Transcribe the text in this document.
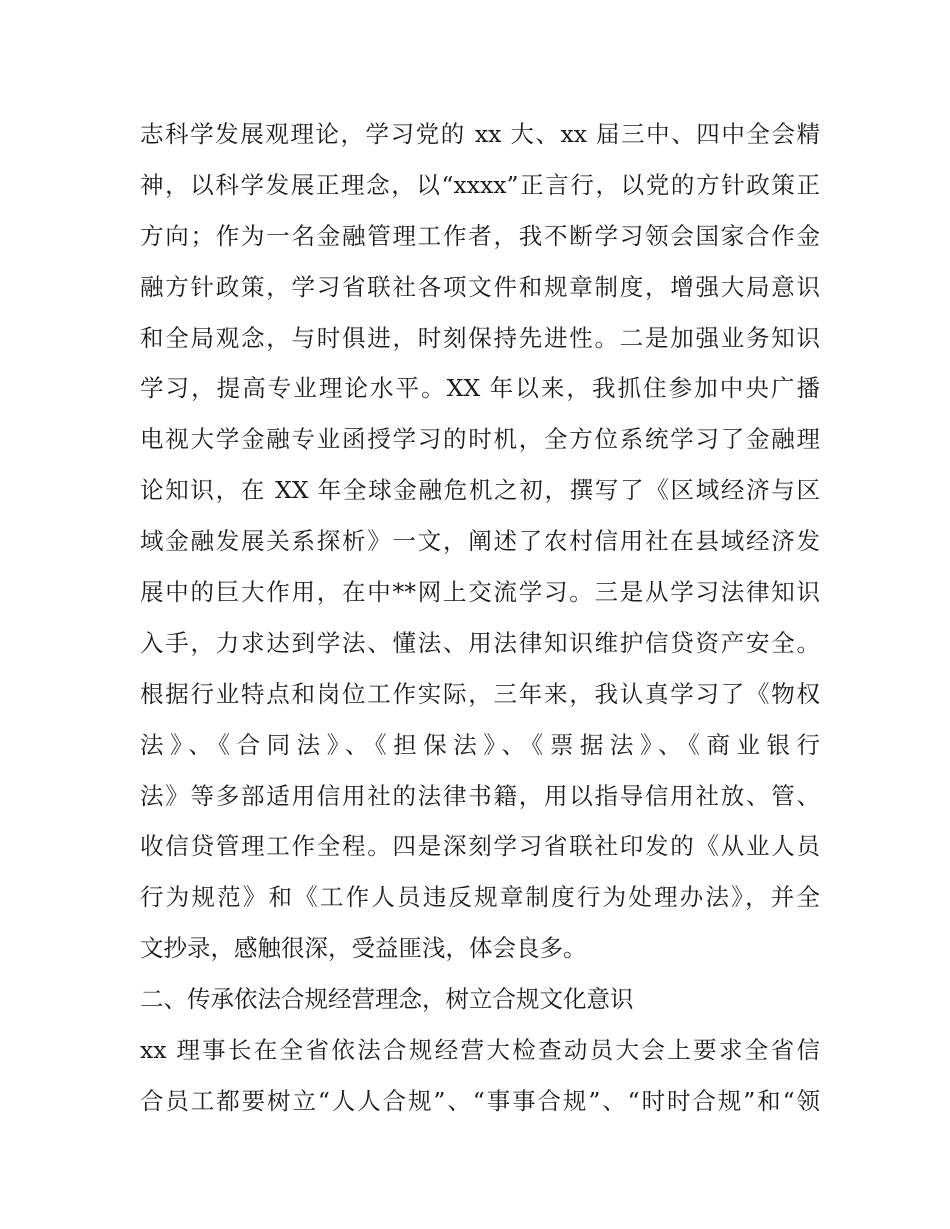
志科学发展观理论，学习党的 xx 大、xx 届三中、四中全会精
神，以科学发展正理念，以“xxxx”正言行，以党的方针政策正
方向；作为一名金融管理工作者，我不断学习领会国家合作金
融方针政策，学习省联社各项文件和规章制度，增强大局意识
和全局观念，与时俱进，时刻保持先进性。二是加强业务知识
学习，提高专业理论水平。XX 年以来，我抓住参加中央广播
电视大学金融专业函授学习的时机，全方位系统学习了金融理
论知识，在 XX 年全球金融危机之初，撰写了《区域经济与区
域金融发展关系探析》一文，阐述了农村信用社在县域经济发
展中的巨大作用，在中**网上交流学习。三是从学习法律知识
入手，力求达到学法、懂法、用法律知识维护信贷资产安全。
根据行业特点和岗位工作实际，三年来，我认真学习了《物权
法》、《合同法》、《担保法》、《票据法》、《商业银行
法》等多部适用信用社的法律书籍，用以指导信用社放、管、
收信贷管理工作全程。四是深刻学习省联社印发的《从业人员
行为规范》和《工作人员违反规章制度行为处理办法》，并全
文抄录，感触很深，受益匪浅，体会良多。
二、传承依法合规经营理念，树立合规文化意识
xx 理事长在全省依法合规经营大检查动员大会上要求全省信
合员工都要树立“人人合规”、“事事合规”、“时时合规”和“领
